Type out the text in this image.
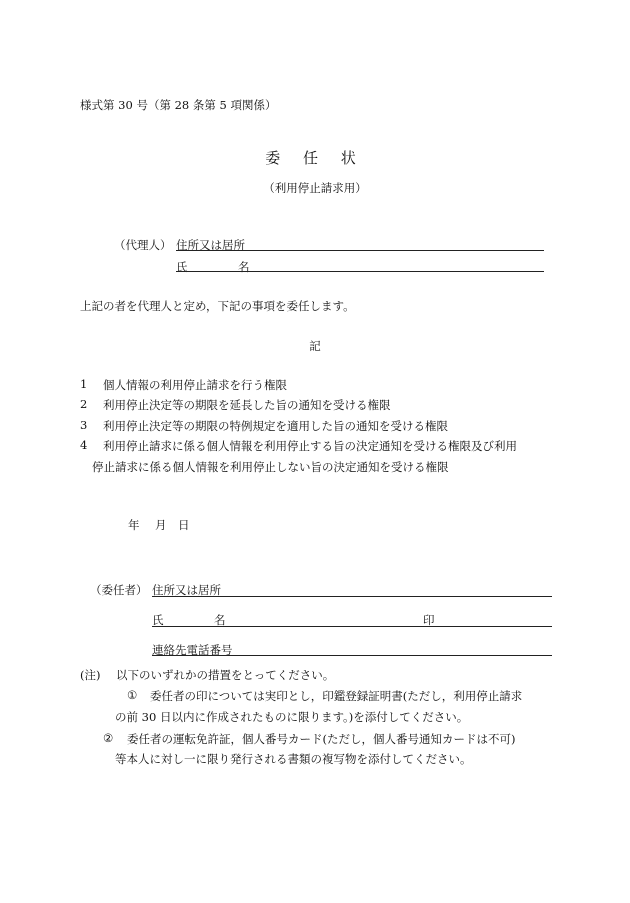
様式第 30 号（第 28 条第 5 項関係）
委 任 状
（利用停止請求用）
（代理人） 住所又は居所
氏	名
上記の者を代理人と定め，下記の事項を委任します。
記
1 個人情報の利用停止請求を行う権限
2 利用停止決定等の期限を延長した旨の通知を受ける権限
3 利用停止決定等の期限の特例規定を適用した旨の通知を受ける権限
4 利用停止請求に係る個人情報を利用停止する旨の決定通知を受ける権限及び利用
停止請求に係る個人情報を利用停止しない旨の決定通知を受ける権限
年 月 日
（委任者） 住所又は居所
氏	名	印
連絡先電話番号
(注) 以下のいずれかの措置をとってください。
① 委任者の印については実印とし，印鑑登録証明書(ただし，利用停止請求
の前 30 日以内に作成されたものに限ります。)を添付してください。
② 委任者の運転免許証，個人番号カード(ただし，個人番号通知カードは不可)
等本人に対し一に限り発行される書類の複写物を添付してください。
